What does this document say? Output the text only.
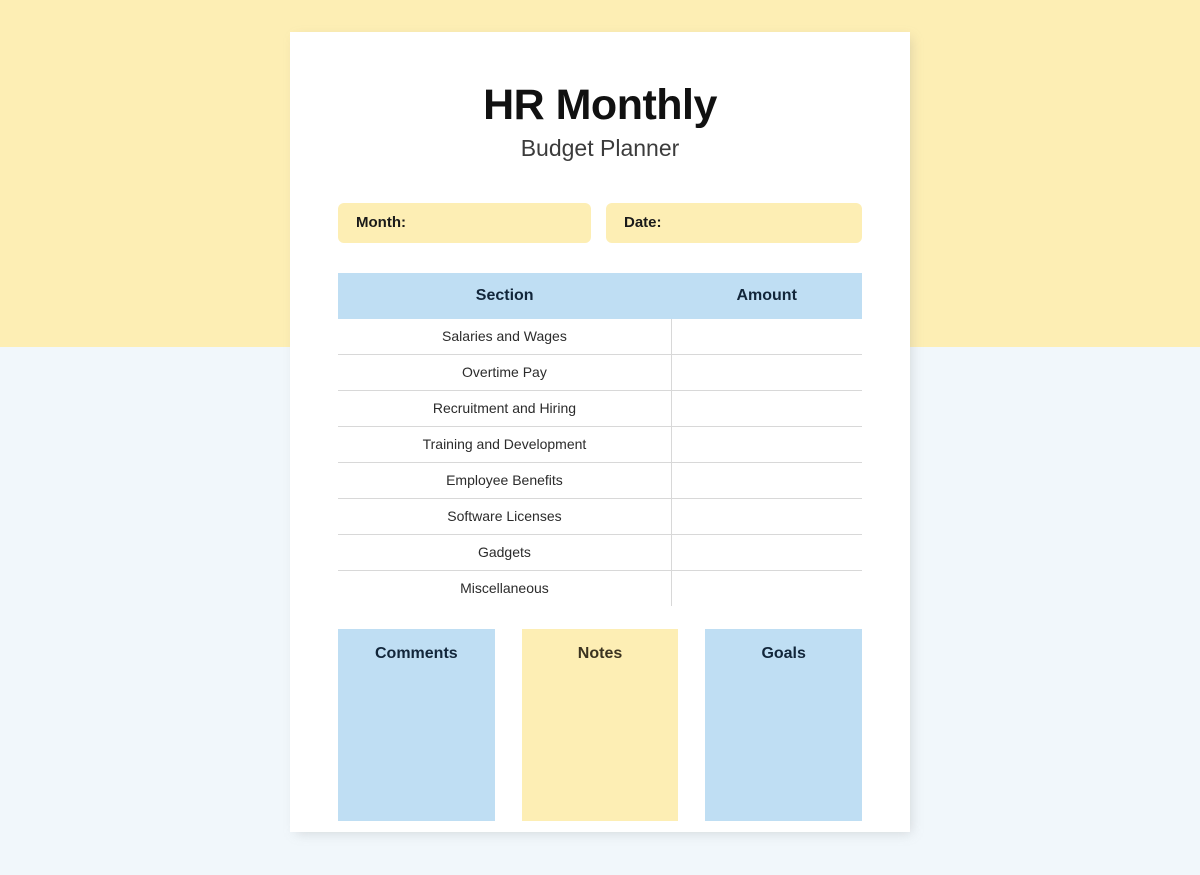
HR Monthly

Budget Planner

Month:	Date:
Section	Amount
Salaries and Wages	
Overtime Pay	
Recruitment and Hiring	
Training and Development	
Employee Benefits	
Software Licenses	
Gadgets	
Miscellaneous	
Comments	Notes	Goals
